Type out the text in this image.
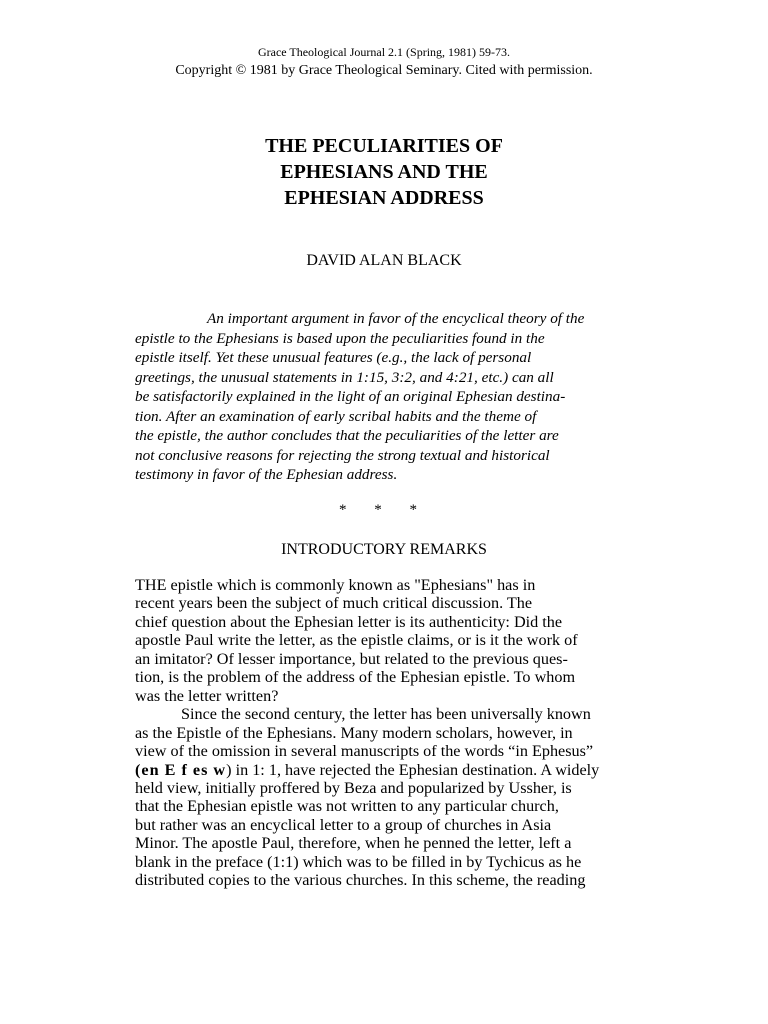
Grace Theological Journal 2.1 (Spring, 1981) 59-73.
Copyright © 1981 by Grace Theological Seminary. Cited with permission.
THE PECULIARITIES OF
EPHESIANS AND THE
EPHESIAN ADDRESS
DAVID ALAN BLACK
An important argument in favor of the encyclical theory of the
epistle to the Ephesians is based upon the peculiarities found in the
epistle itself. Yet these unusual features (e.g., the lack of personal
greetings, the unusual statements in 1:15, 3:2, and 4:21, etc.) can all
be satisfactorily explained in the light of an original Ephesian destina-
tion. After an examination of early scribal habits and the theme of
the epistle, the author concludes that the peculiarities of the letter are
not conclusive reasons for rejecting the strong textual and historical
testimony in favor of the Ephesian address.
* * *
INTRODUCTORY REMARKS
THE epistle which is commonly known as "Ephesians" has in
recent years been the subject of much critical discussion. The
chief question about the Ephesian letter is its authenticity: Did the
apostle Paul write the letter, as the epistle claims, or is it the work of
an imitator? Of lesser importance, but related to the previous ques-
tion, is the problem of the address of the Ephesian epistle. To whom
was the letter written?
Since the second century, the letter has been universally known
as the Epistle of the Ephesians. Many modern scholars, however, in
view of the omission in several manuscripts of the words “in Ephesus”
(en E f es w) in 1: 1, have rejected the Ephesian destination. A widely
held view, initially proffered by Beza and popularized by Ussher, is
that the Ephesian epistle was not written to any particular church,
but rather was an encyclical letter to a group of churches in Asia
Minor. The apostle Paul, therefore, when he penned the letter, left a
blank in the preface (1:1) which was to be filled in by Tychicus as he
distributed copies to the various churches. In this scheme, the reading
